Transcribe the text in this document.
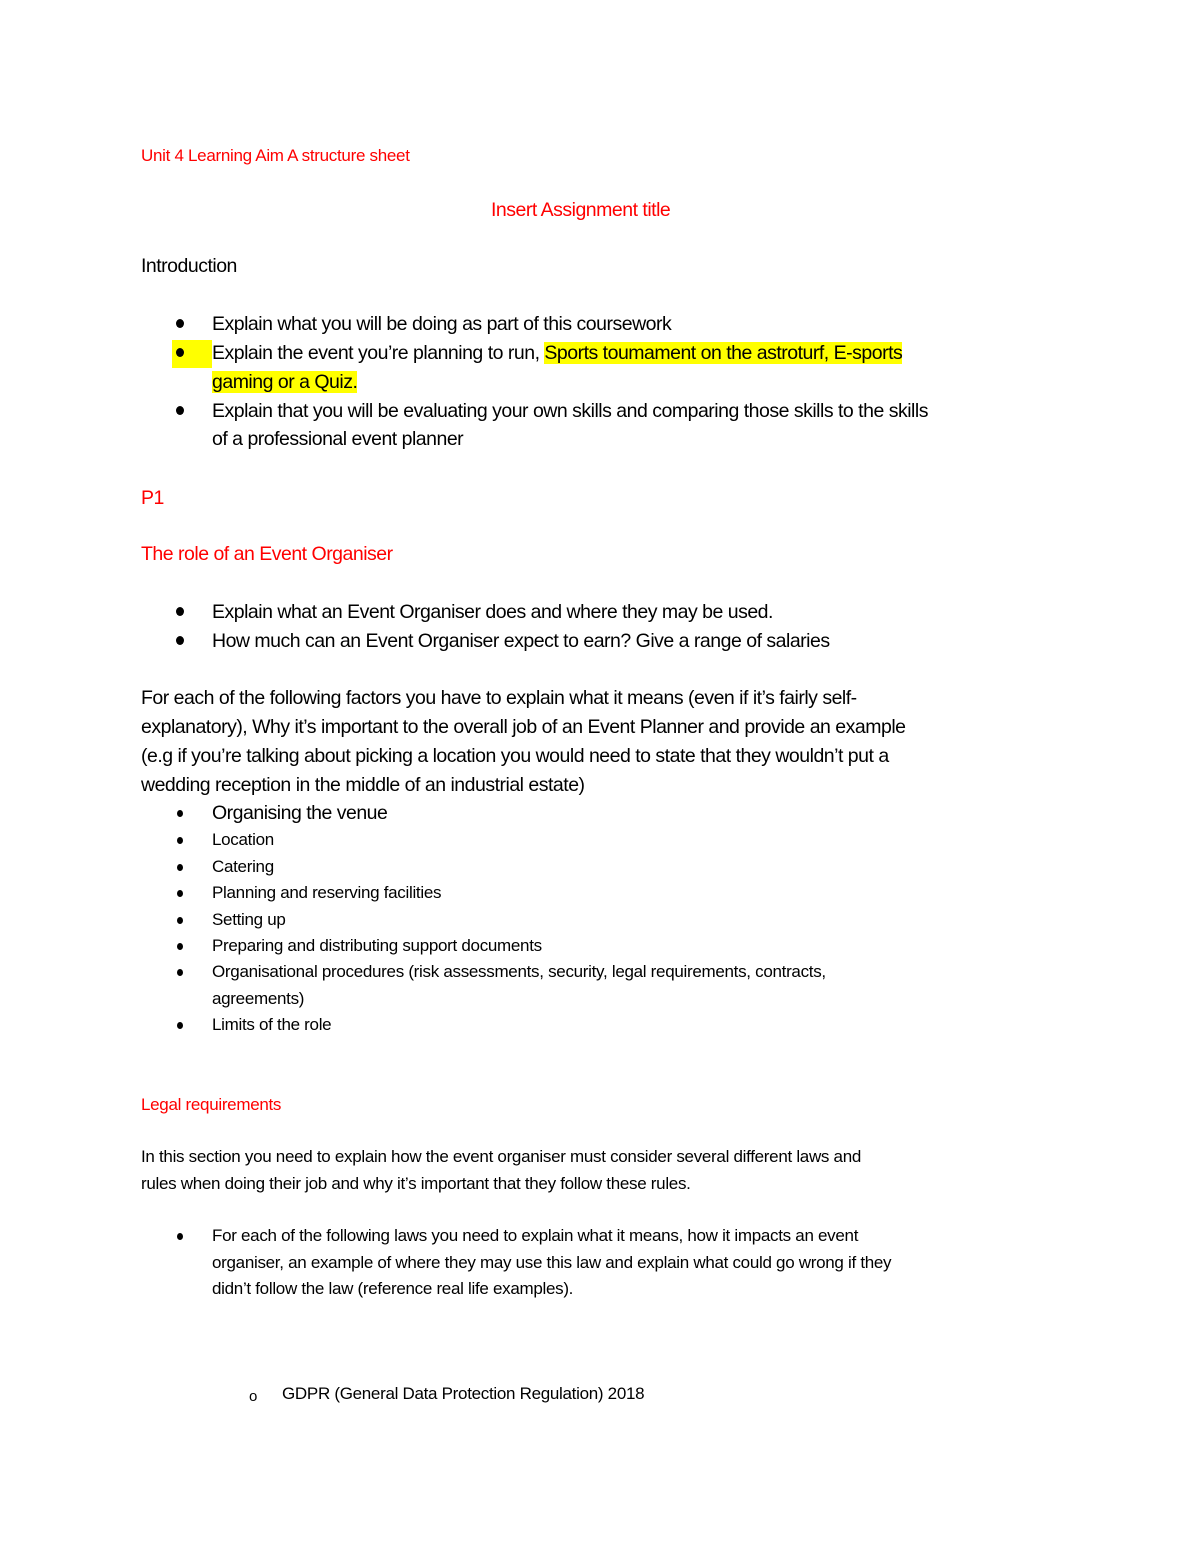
Unit 4 Learning Aim A structure sheet
Insert Assignment title
Introduction
Explain what you will be doing as part of this coursework
Explain the event you’re planning to run, Sports toumament on the astroturf, E-sports
gaming or a Quiz.
Explain that you will be evaluating your own skills and comparing those skills to the skills
of a professional event planner
P1
The role of an Event Organiser
Explain what an Event Organiser does and where they may be used.
How much can an Event Organiser expect to earn? Give a range of salaries
For each of the following factors you have to explain what it means (even if it’s fairly self-
explanatory), Why it’s important to the overall job of an Event Planner and provide an example
(e.g if you’re talking about picking a location you would need to state that they wouldn’t put a
wedding reception in the middle of an industrial estate)
Organising the venue
Location
Catering
Planning and reserving facilities
Setting up
Preparing and distributing support documents
Organisational procedures (risk assessments, security, legal requirements, contracts,
agreements)
Limits of the role
Legal requirements
In this section you need to explain how the event organiser must consider several different laws and
rules when doing their job and why it’s important that they follow these rules.
For each of the following laws you need to explain what it means, how it impacts an event
organiser, an example of where they may use this law and explain what could go wrong if they
didn’t follow the law (reference real life examples).
o GDPR (General Data Protection Regulation) 2018
